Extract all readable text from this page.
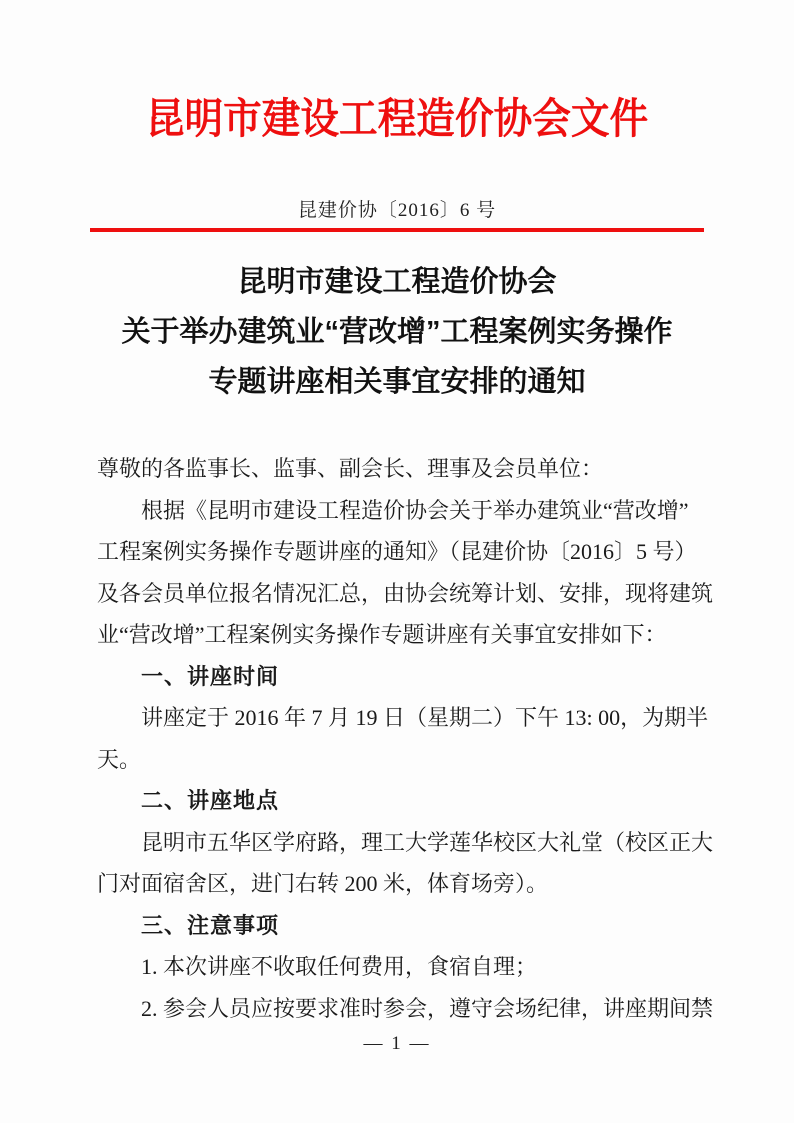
昆明市建设工程造价协会文件
昆建价协〔2016〕6 号
昆明市建设工程造价协会
关于举办建筑业“营改增”工程案例实务操作
专题讲座相关事宜安排的通知
尊敬的各监事长、监事、副会长、理事及会员单位：
根据《昆明市建设工程造价协会关于举办建筑业“营改增”
工程案例实务操作专题讲座的通知》（昆建价协〔2016〕5 号）
及各会员单位报名情况汇总，由协会统筹计划、安排，现将建筑
业“营改增”工程案例实务操作专题讲座有关事宜安排如下：
一、讲座时间
讲座定于 2016 年 7 月 19 日（星期二）下午 13: 00，为期半
天。
二、讲座地点
昆明市五华区学府路，理工大学莲华校区大礼堂（校区正大
门对面宿舍区，进门右转 200 米，体育场旁）。
三、注意事项
1. 本次讲座不收取任何费用，食宿自理；
2. 参会人员应按要求准时参会，遵守会场纪律，讲座期间禁
— 1 —
